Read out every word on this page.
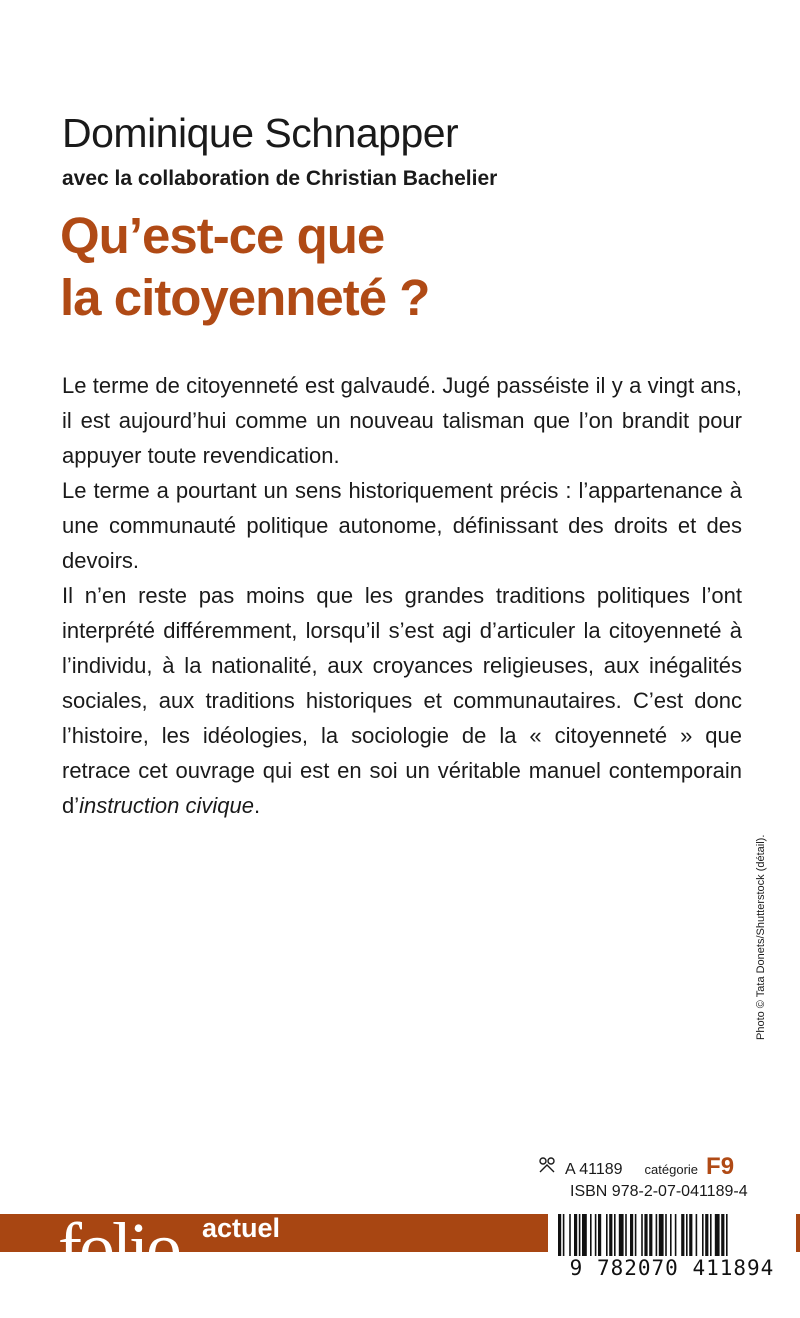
Dominique Schnapper
avec la collaboration de Christian Bachelier
Qu’est-ce que
la citoyenneté ?

Le terme de citoyenneté est galvaudé. Jugé passéiste il y a vingt ans, il est aujourd’hui comme un nouveau talisman que l’on brandit pour appuyer toute revendication.

Le terme a pourtant un sens historiquement précis : l’appartenance à une communauté politique autonome, définissant des droits et des devoirs.

Il n’en reste pas moins que les grandes traditions politiques l’ont interprété différemment, lorsqu’il s’est agi d’articuler la citoyenneté à l’individu, à la nationalité, aux croyances religieuses, aux inégalités sociales, aux traditions historiques et communautaires. C’est donc l’histoire, les idéologies, la sociologie de la « citoyenneté » que retrace cet ouvrage qui est en soi un véritable manuel contemporain d’instruction civique.

Photo © Tata Donets/Shutterstock (détail).
A 41189 catégorie F9
ISBN 978-2-07-041189-4
folio actuel
9 782070 411894
